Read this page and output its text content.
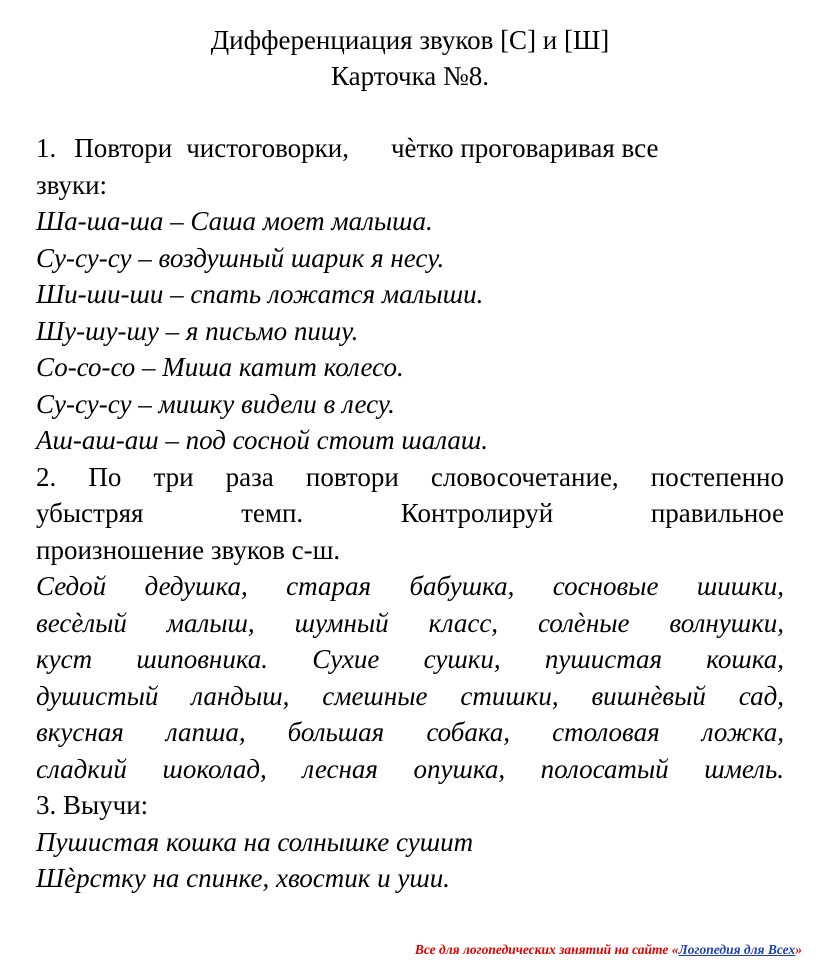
Дифференциация звуков [С] и [Ш]

Карточка №8.

1. Повтори чистоговорки, чѐтко проговаривая все

звуки:

Ша-ша-ша – Саша моет малыша.

Су-су-су – воздушный шарик я несу.

Ши-ши-ши – спать ложатся малыши.

Шу-шу-шу – я письмо пишу.

Со-со-со – Миша катит колесо.

Су-су-су – мишку видели в лесу.

Аш-аш-аш – под сосной стоит шалаш.

2. По три раза повтори словосочетание, постепенно

убыстряя темп. Контролируй правильное

произношение звуков с-ш.

Седой дедушка, старая бабушка, сосновые шишки,

весѐлый малыш, шумный класс, солѐные волнушки,

куст шиповника. Сухие сушки, пушистая кошка,

душистый ландыш, смешные стишки, вишнѐвый сад,

вкусная лапша, большая собака, столовая ложка,

сладкий шоколад, лесная опушка, полосатый шмель.

3. Выучи:

Пушистая кошка на солнышке сушит

Шѐрстку на спинке, хвостик и уши.

Все для логопедических занятий на сайте «Логопедия для Всех»
